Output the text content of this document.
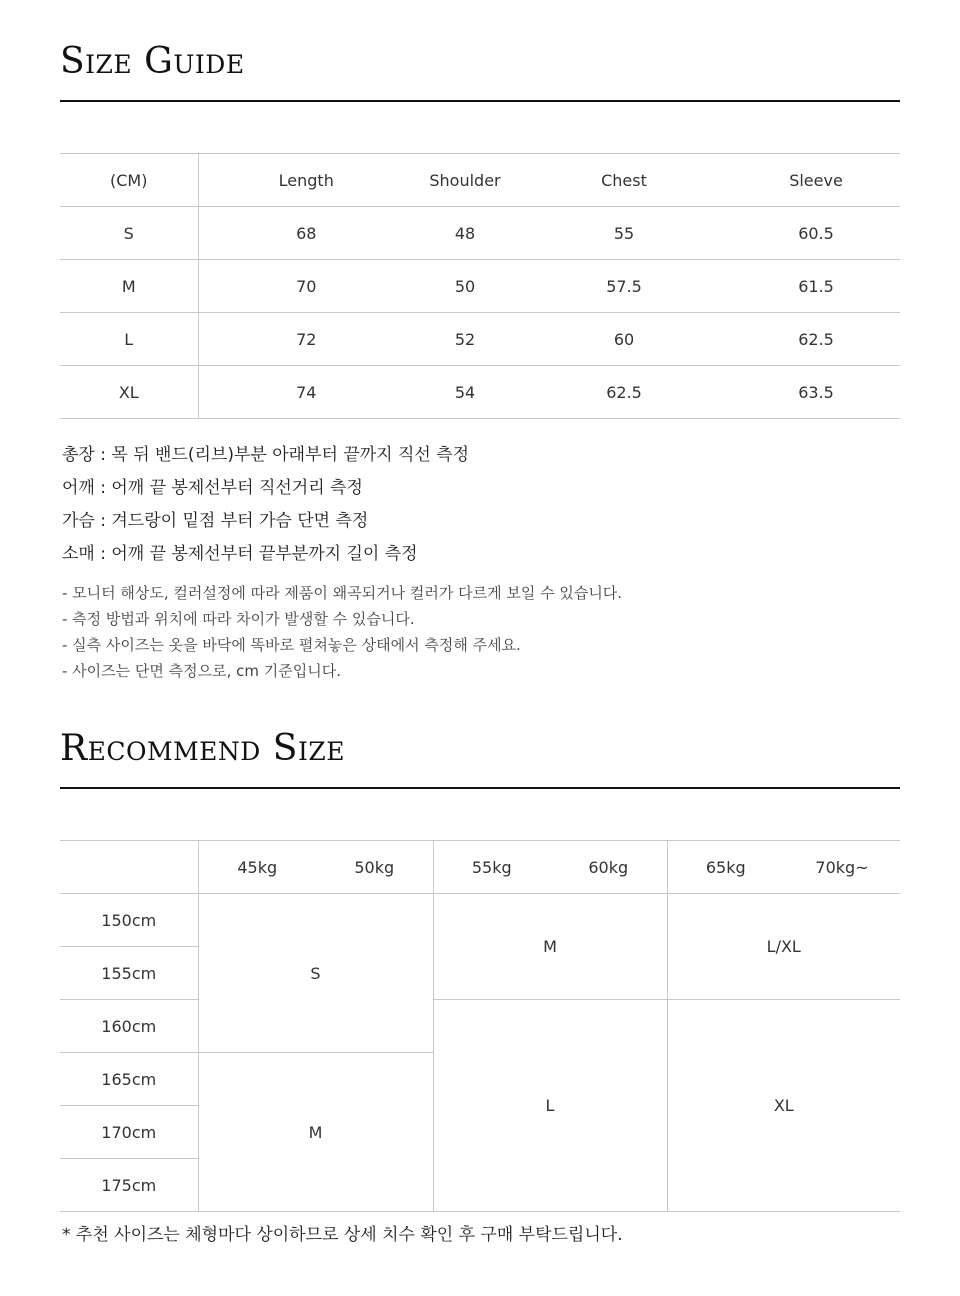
Size Guide
(CM)	Length	Shoulder	Chest	Sleeve
S	68	48	55	60.5
M	70	50	57.5	61.5
L	72	52	60	62.5
XL	74	54	62.5	63.5
총장 : 목 뒤 밴드(리브)부분 아래부터 끝까지 직선 측정
어깨 : 어깨 끝 봉제선부터 직선거리 측정
가슴 : 겨드랑이 밑점 부터 가슴 단면 측정
소매 : 어깨 끝 봉제선부터 끝부분까지 길이 측정
- 모니터 해상도, 컬러설정에 따라 제품이 왜곡되거나 컬러가 다르게 보일 수 있습니다.
- 측정 방법과 위치에 따라 차이가 발생할 수 있습니다.
- 실측 사이즈는 옷을 바닥에 똑바로 펼쳐놓은 상태에서 측정해 주세요.
- 사이즈는 단면 측정으로, cm 기준입니다.
Recommend Size
	45kg	50kg	55kg	60kg	65kg	70kg~
150cm	S		M		L/XL	
155cm						
160cm			L		XL	
165cm	M					
170cm						
175cm						

* 추천 사이즈는 체형마다 상이하므로 상세 치수 확인 후 구매 부탁드립니다.
